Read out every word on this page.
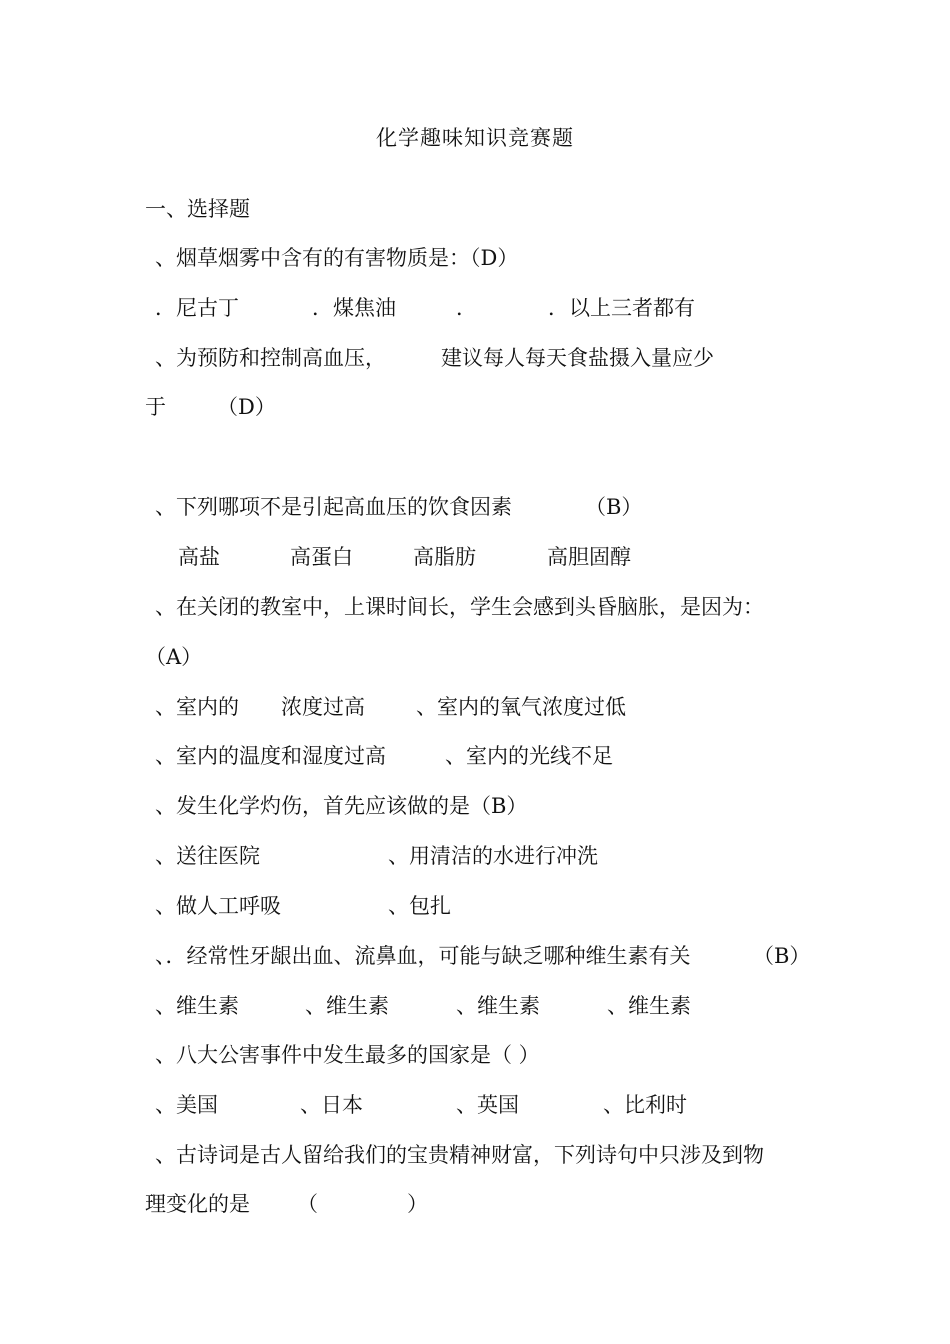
化学趣味知识竞赛题
一、选择题
、烟草烟雾中含有的有害物质是：（D）
．尼古丁	．煤焦油	．	．以上三者都有
、为预防和控制高血压，	建议每人每天食盐摄入量应少
于 （D）
、下列哪项不是引起高血压的饮食因素	（B）
高盐	高蛋白	高脂肪	高胆固醇
、在关闭的教室中，上课时间长，学生会感到头昏脑胀，是因为：
（A）
、室内的 浓度过高 、室内的氧气浓度过低
、室内的温度和湿度过高	、室内的光线不足
、发生化学灼伤，首先应该做的是（B）
、送往医院	、用清洁的水进行冲洗
、做人工呼吸	、包扎
、．经常性牙龈出血、流鼻血，可能与缺乏哪种维生素有关	（B）
、维生素	、维生素	、维生素	、维生素
、八大公害事件中发生最多的国家是（ ）
、美国	、日本	、英国	、比利时
、古诗词是古人留给我们的宝贵精神财富，下列诗句中只涉及到物
理变化的是 （	）
